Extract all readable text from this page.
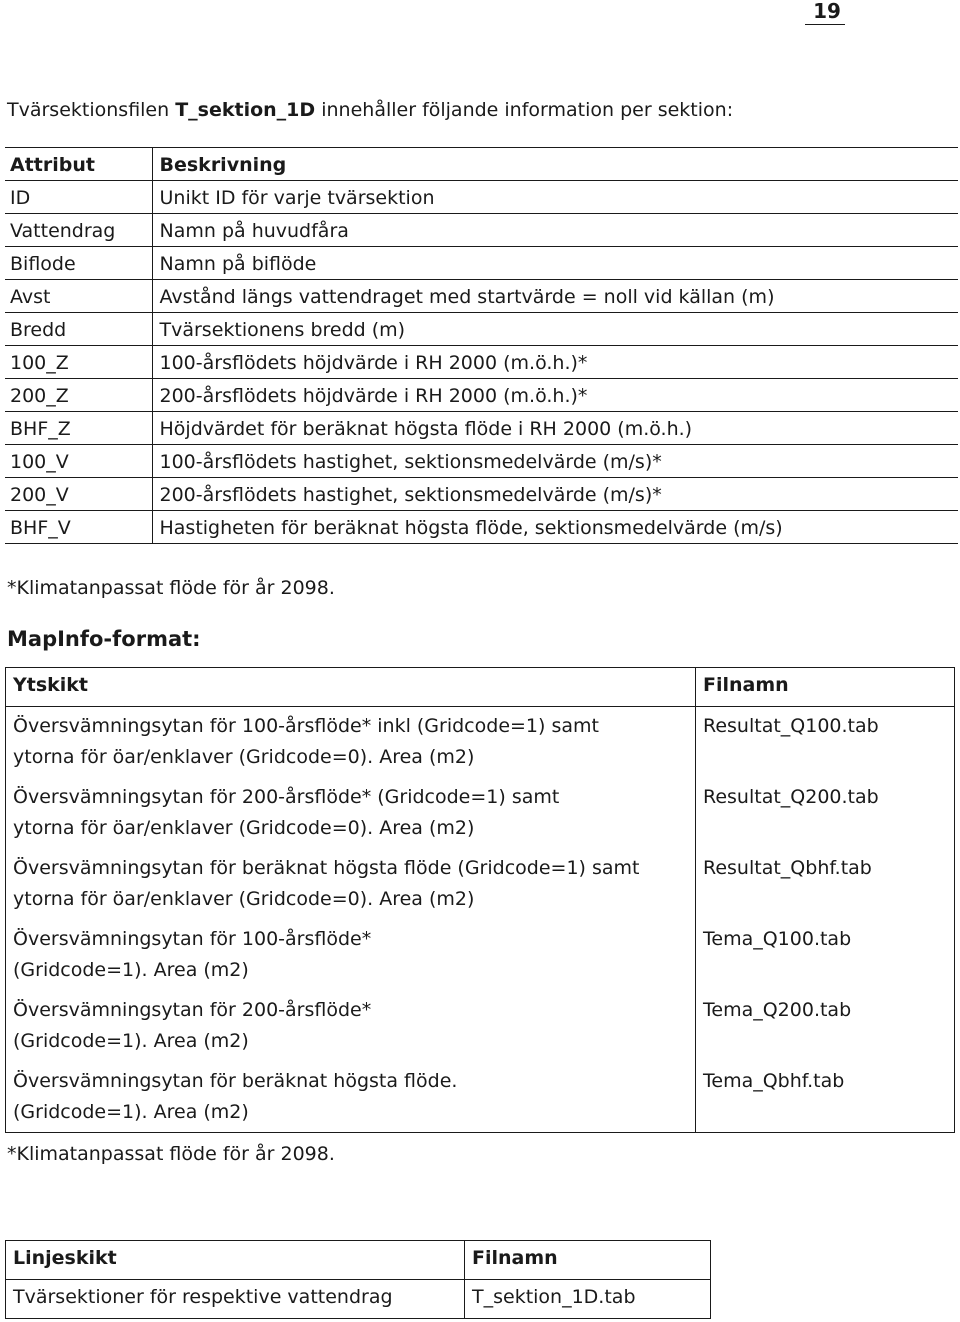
19
Tvärsektionsfilen T_sektion_1D innehåller följande information per sektion:
Attribut	Beskrivning
ID	Unikt ID för varje tvärsektion
Vattendrag	Namn på huvudfåra
Biflode	Namn på biflöde
Avst	Avstånd längs vattendraget med startvärde = noll vid källan (m)
Bredd	Tvärsektionens bredd (m)
100_Z	100-årsflödets höjdvärde i RH 2000 (m.ö.h.)*
200_Z	200-årsflödets höjdvärde i RH 2000 (m.ö.h.)*
BHF_Z	Höjdvärdet för beräknat högsta flöde i RH 2000 (m.ö.h.)
100_V	100-årsflödets hastighet, sektionsmedelvärde (m/s)*
200_V	200-årsflödets hastighet, sektionsmedelvärde (m/s)*
BHF_V	Hastigheten för beräknat högsta flöde, sektionsmedelvärde (m/s)
*Klimatanpassat flöde för år 2098.
MapInfo-format:
Ytskikt	Filnamn

Översvämningsytan för 100-årsflöde* inkl (Gridcode=1) samt
ytorna för öar/enklaver (Gridcode=0). Area (m2)	Resultat_Q100.tab

Översvämningsytan för 200-årsflöde* (Gridcode=1) samt
ytorna för öar/enklaver (Gridcode=0). Area (m2)	Resultat_Q200.tab

Översvämningsytan för beräknat högsta flöde (Gridcode=1) samt
ytorna för öar/enklaver (Gridcode=0). Area (m2)	Resultat_Qbhf.tab

Översvämningsytan för 100-årsflöde*
(Gridcode=1). Area (m2)	Tema_Q100.tab

Översvämningsytan för 200-årsflöde*
(Gridcode=1). Area (m2)	Tema_Q200.tab

Översvämningsytan för beräknat högsta flöde.
(Gridcode=1). Area (m2)	Tema_Qbhf.tab
*Klimatanpassat flöde för år 2098.
Linjeskikt	Filnamn
Tvärsektioner för respektive vattendrag	T_sektion_1D.tab
